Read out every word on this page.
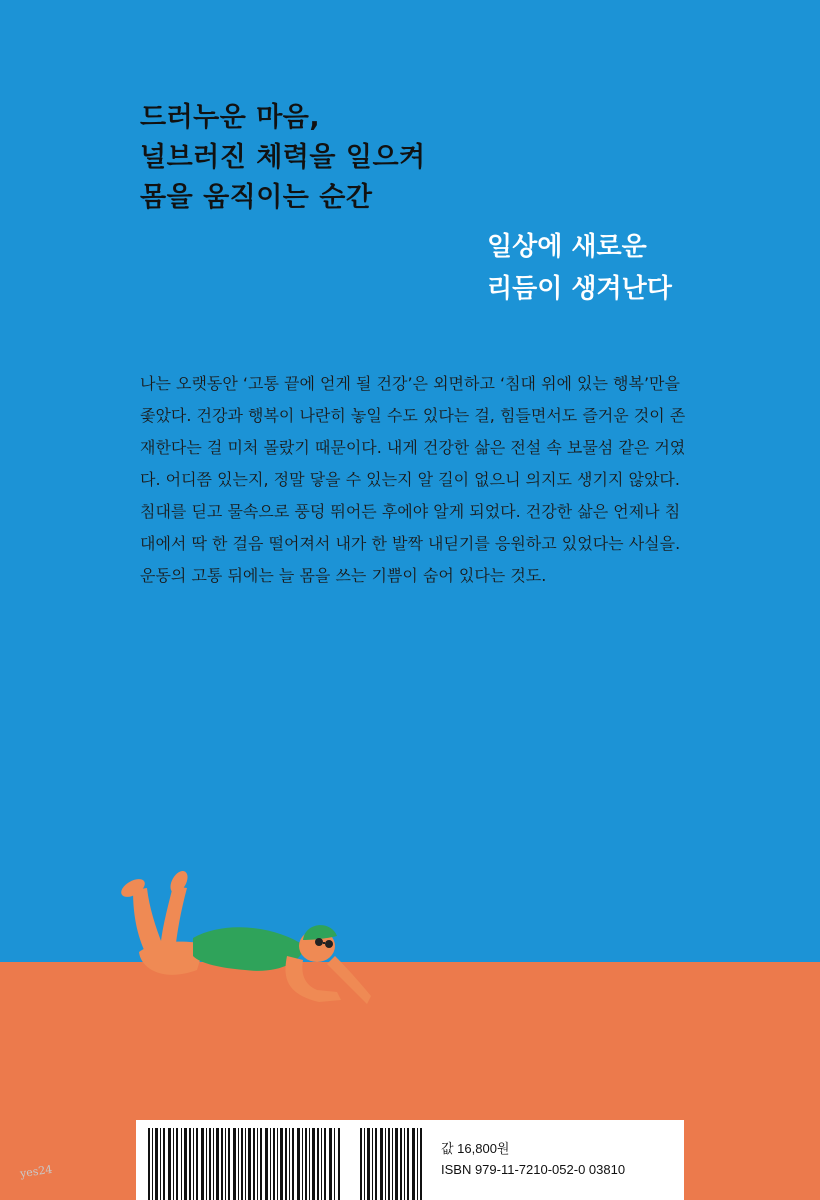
드러누운 마음,
널브러진 체력을 일으켜
몸을 움직이는 순간
일상에 새로운
리듬이 생겨난다

나는 오랫동안 ‘고통 끝에 얻게 될 건강’은 외면하고 ‘침대 위에 있는 행복’만을 좇았다. 건강과 행복이 나란히 놓일 수도 있다는 걸, 힘들면서도 즐거운 것이 존재한다는 걸 미처 몰랐기 때문이다. 내게 건강한 삶은 전설 속 보물섬 같은 거였다. 어디쯤 있는지, 정말 닿을 수 있는지 알 길이 없으니 의지도 생기지 않았다.

침대를 딛고 물속으로 풍덩 뛰어든 후에야 알게 되었다. 건강한 삶은 언제나 침대에서 딱 한 걸음 떨어져서 내가 한 발짝 내딛기를 응원하고 있었다는 사실을. 운동의 고통 뒤에는 늘 몸을 쓰는 기쁨이 숨어 있다는 것도.

값 16,800원
ISBN 979-11-7210-052-0 03810
yes24
